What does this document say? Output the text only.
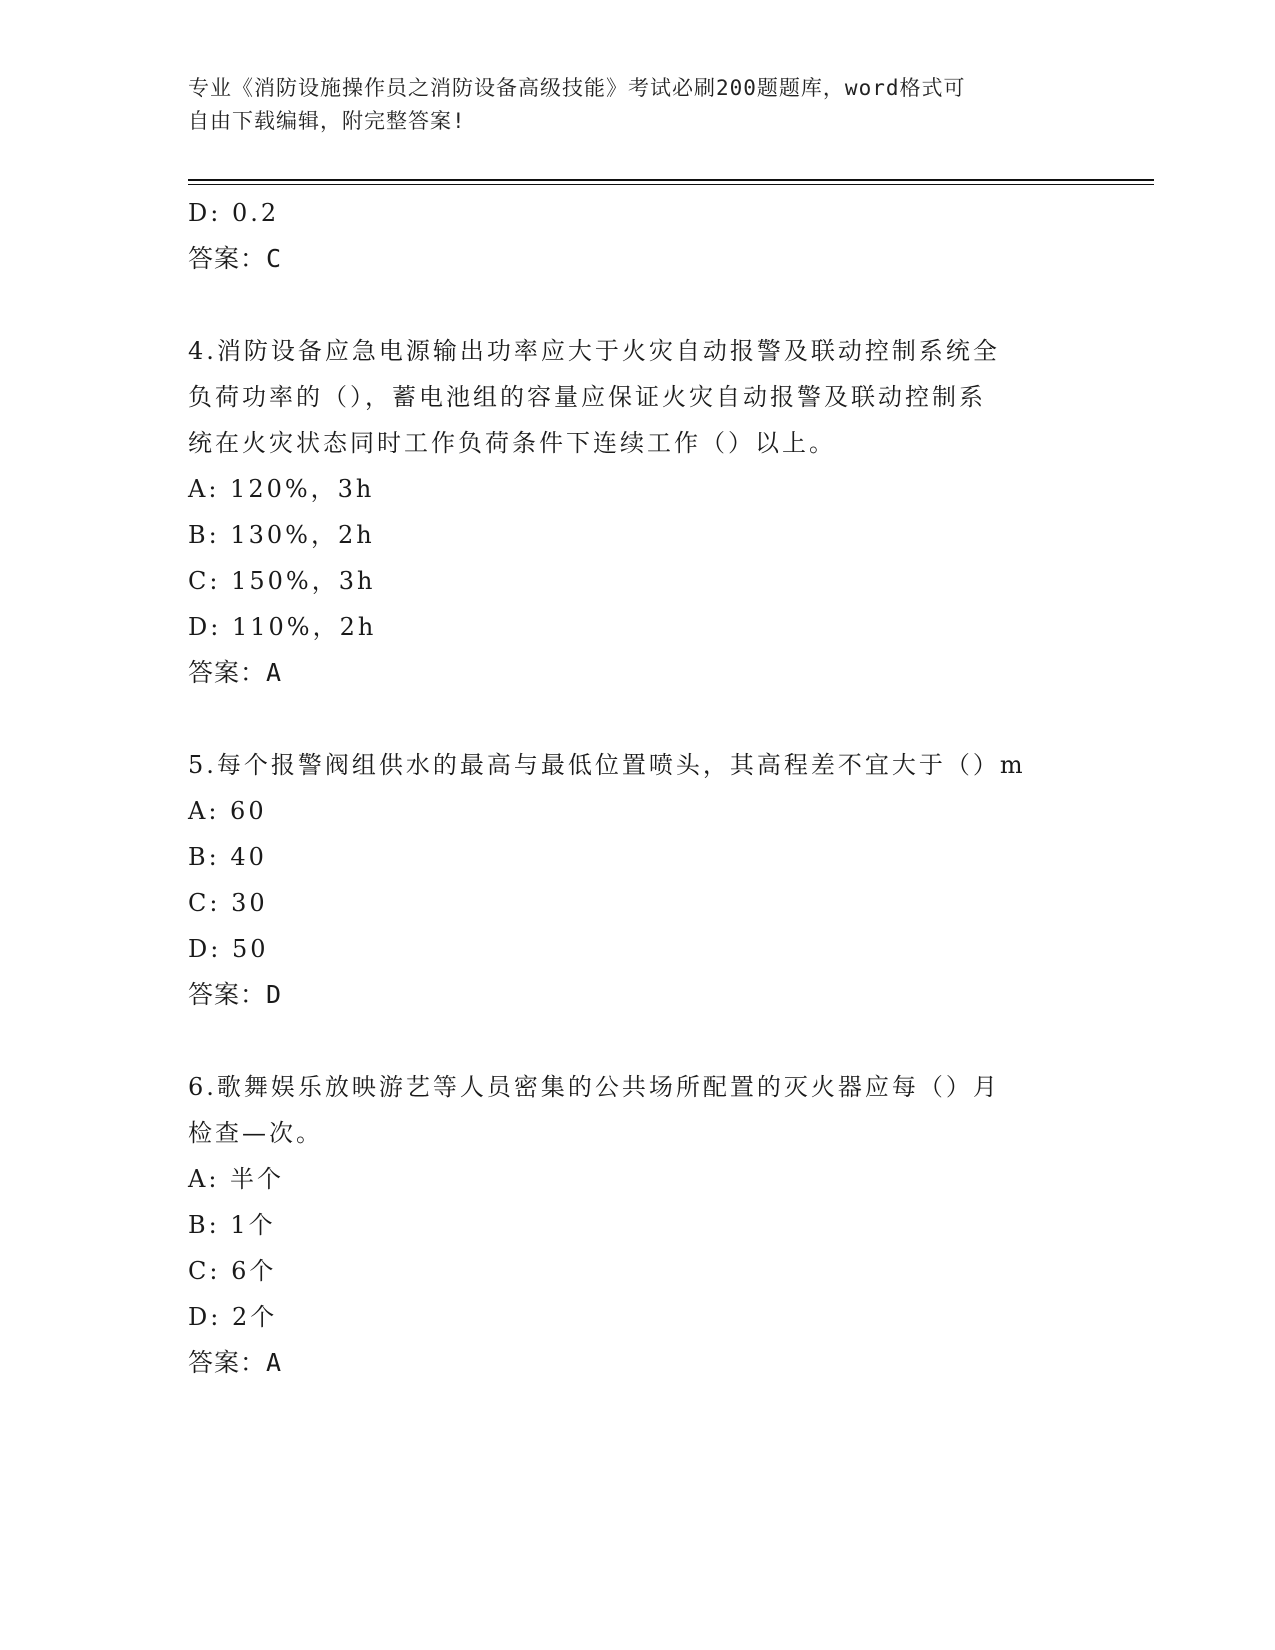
专业《消防设施操作员之消防设备高级技能》考试必刷200题题库，word格式可
自由下载编辑，附完整答案!
D: 0.2
答案：C
4.消防设备应急电源输出功率应大于火灾自动报警及联动控制系统全
负荷功率的（），蓄电池组的容量应保证火灾自动报警及联动控制系
统在火灾状态同时工作负荷条件下连续工作（）以上。
A: 120%，3h
B: 130%，2h
C: 150%，3h
D: 110%，2h
答案：A
5.每个报警阀组供水的最高与最低位置喷头，其高程差不宜大于（）m
A: 60
B: 40
C: 30
D: 50
答案：D
6.歌舞娱乐放映游艺等人员密集的公共场所配置的灭火器应每（）月
检查—次。
A: 半个
B: 1个
C: 6个
D: 2个
答案：A
